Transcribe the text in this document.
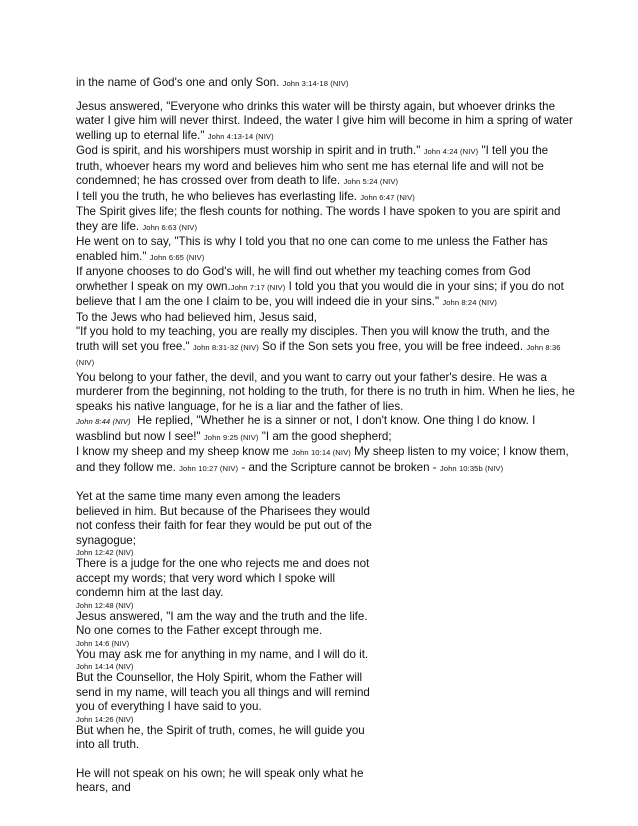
in the name of God's one and only Son. John 3:14-18 (NIV)

Jesus answered, "Everyone who drinks this water will be thirsty again, but whoever drinks the water I give him will never thirst. Indeed, the water I give him will become in him a spring of water welling up to eternal life." John 4:13-14 (NIV)

God is spirit, and his worshipers must worship in spirit and in truth." John 4:24 (NIV) "I tell you the truth, whoever hears my word and believes him who sent me has eternal life and will not be condemned; he has crossed over from death to life. John 5:24 (NIV)

I tell you the truth, he who believes has everlasting life. John 6:47 (NIV)

The Spirit gives life; the flesh counts for nothing. The words I have spoken to you are spirit and they are life. John 6:63 (NIV)

He went on to say, "This is why I told you that no one can come to me unless the Father has enabled him." John 6:65 (NIV)

If anyone chooses to do God's will, he will find out whether my teaching comes from God orwhether I speak on my own.John 7:17 (NIV) I told you that you would die in your sins; if you do not believe that I am the one I claim to be, you will indeed die in your sins." John 8:24 (NIV)

To the Jews who had believed him, Jesus said,
"If you hold to my teaching, you are really my disciples. Then you will know the truth, and the truth will set you free." John 8:31-32 (NIV) So if the Son sets you free, you will be free indeed. John 8:36 (NIV)

You belong to your father, the devil, and you want to carry out your father's desire. He was a murderer from the beginning, not holding to the truth, for there is no truth in him. When he lies, he speaks his native language, for he is a liar and the father of lies.
John 8:44 (NIV) He replied, "Whether he is a sinner or not, I don't know. One thing I do know. I wasblind but now I see!" John 9:25 (NIV) "I am the good shepherd;

I know my sheep and my sheep know me John 10:14 (NIV) My sheep listen to my voice; I know them, and they follow me. John 10:27 (NIV) - and the Scripture cannot be broken - John 10:35b (NIV)

Yet at the same time many even among the leaders believed in him. But because of the Pharisees they would not confess their faith for fear they would be put out of the synagogue;

John 12:42 (NIV)

There is a judge for the one who rejects me and does not accept my words; that very word which I spoke will condemn him at the last day.

John 12:48 (NIV)

Jesus answered, "I am the way and the truth and the life. No one comes to the Father except through me.

John 14:6 (NIV)

You may ask me for anything in my name, and I will do it.

John 14:14 (NIV)

But the Counsellor, the Holy Spirit, whom the Father will send in my name, will teach you all things and will remind you of everything I have said to you.

John 14:26 (NIV)

But when he, the Spirit of truth, comes, he will guide you into all truth.

He will not speak on his own; he will speak only what he hears, and
